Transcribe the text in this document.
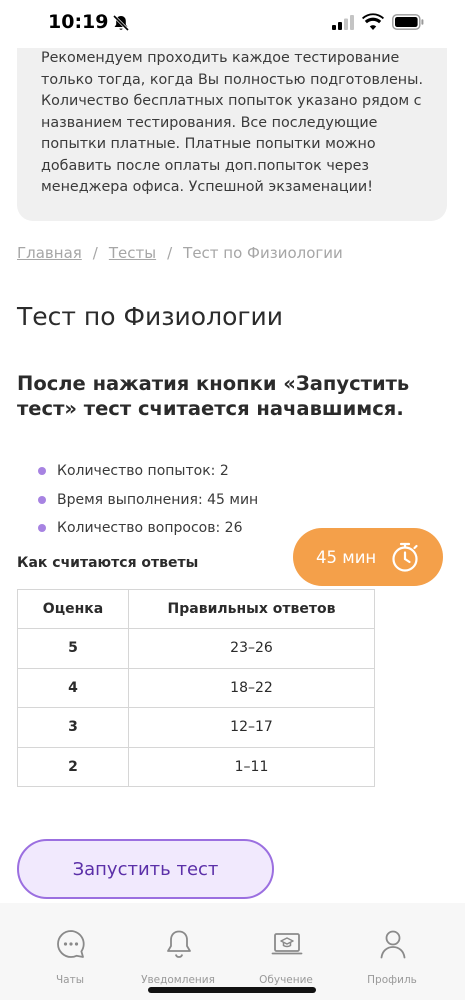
10:19

Рекомендуем проходить каждое тестирование только тогда, когда Вы полностью подготовлены. Количество бесплатных попыток указано рядом с названием тестирования. Все последующие попытки платные. Платные попытки можно добавить после оплаты доп.попыток через менеджера офиса. Успешной экзаменации!

Главная / Тесты / Тест по Физиологии
Тест по Физиологии
После нажатия кнопки «Запустить тест» тест считается начавшимся.
Количество попыток: 2
Время выполнения: 45 мин
Количество вопросов: 26
Как считаются ответы	45 мин
Оценка	Правильных ответов
5	23–26
4	18–22
3	12–17
2	1–11
Запустить тест
Чаты	Уведомления	Обучение	Профиль
